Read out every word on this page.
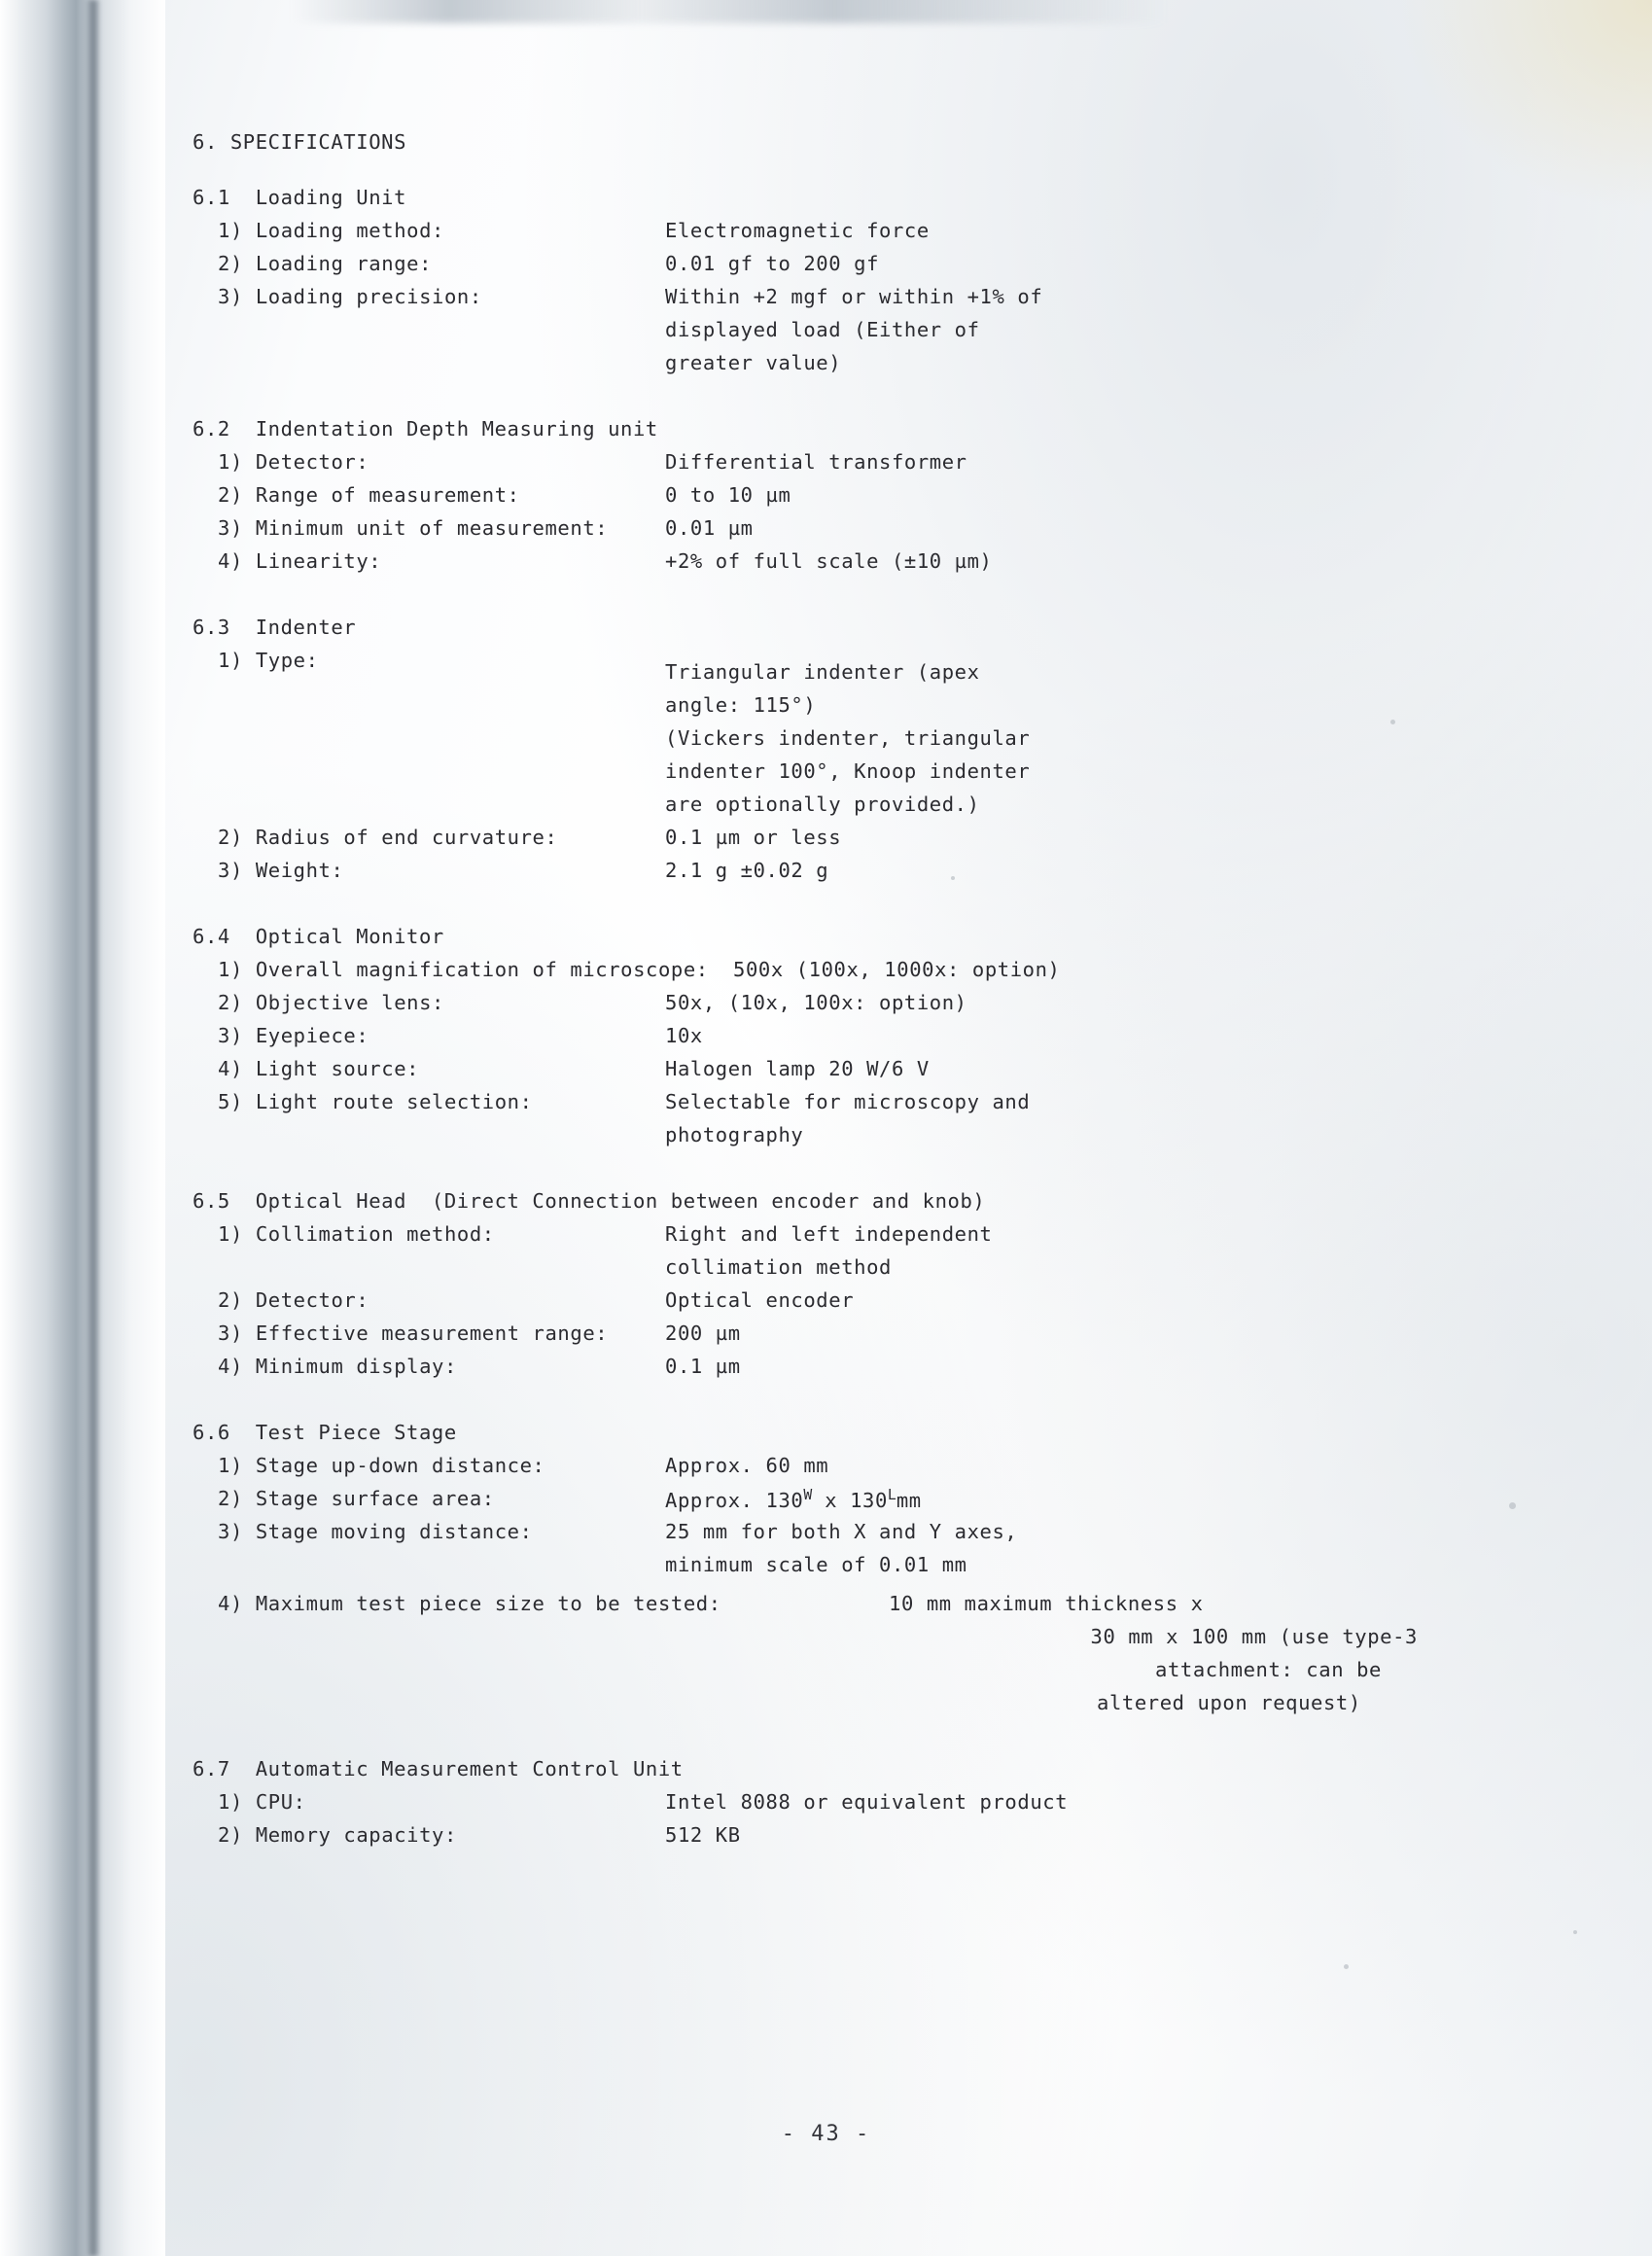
6. SPECIFICATIONS
6.1  Loading Unit
1) Loading method:	Electromagnetic force
2) Loading range:	0.01 gf to 200 gf
3) Loading precision:	Within +2 mgf or within +1% of
displayed load (Either of
greater value)
6.2  Indentation Depth Measuring unit
1) Detector:	Differential transformer
2) Range of measurement:	0 to 10 µm
3) Minimum unit of measurement:	0.01 µm
4) Linearity:	+2% of full scale (±10 µm)
6.3  Indenter
1) Type:	Triangular indenter (apex
angle: 115°)
(Vickers indenter, triangular
indenter 100°, Knoop indenter
are optionally provided.)
2) Radius of end curvature:	0.1 µm or less
3) Weight:	2.1 g ±0.02 g
6.4  Optical Monitor
1) Overall magnification of microscope:	500x (100x, 1000x: option)
2) Objective lens:	50x, (10x, 100x: option)
3) Eyepiece:	10x
4) Light source:	Halogen lamp 20 W/6 V
5) Light route selection:	Selectable for microscopy and
photography
6.5  Optical Head  (Direct Connection between encoder and knob)
1) Collimation method:	Right and left independent
collimation method
2) Detector:	Optical encoder
3) Effective measurement range:	200 µm
4) Minimum display:	0.1 µm
6.6  Test Piece Stage
1) Stage up-down distance:	Approx. 60 mm
2) Stage surface area:	Approx. $130^W$ x $130^Lmm$
3) Stage moving distance:	25 mm for both X and Y axes,
minimum scale of 0.01 mm
4) Maximum test piece size to be tested:	10 mm maximum thickness x
30 mm x 100 mm (use type-3
attachment: can be
altered upon request)
6.7  Automatic Measurement Control Unit
1) CPU:	Intel 8088 or equivalent product
2) Memory capacity:	512 KB
- 43 -
